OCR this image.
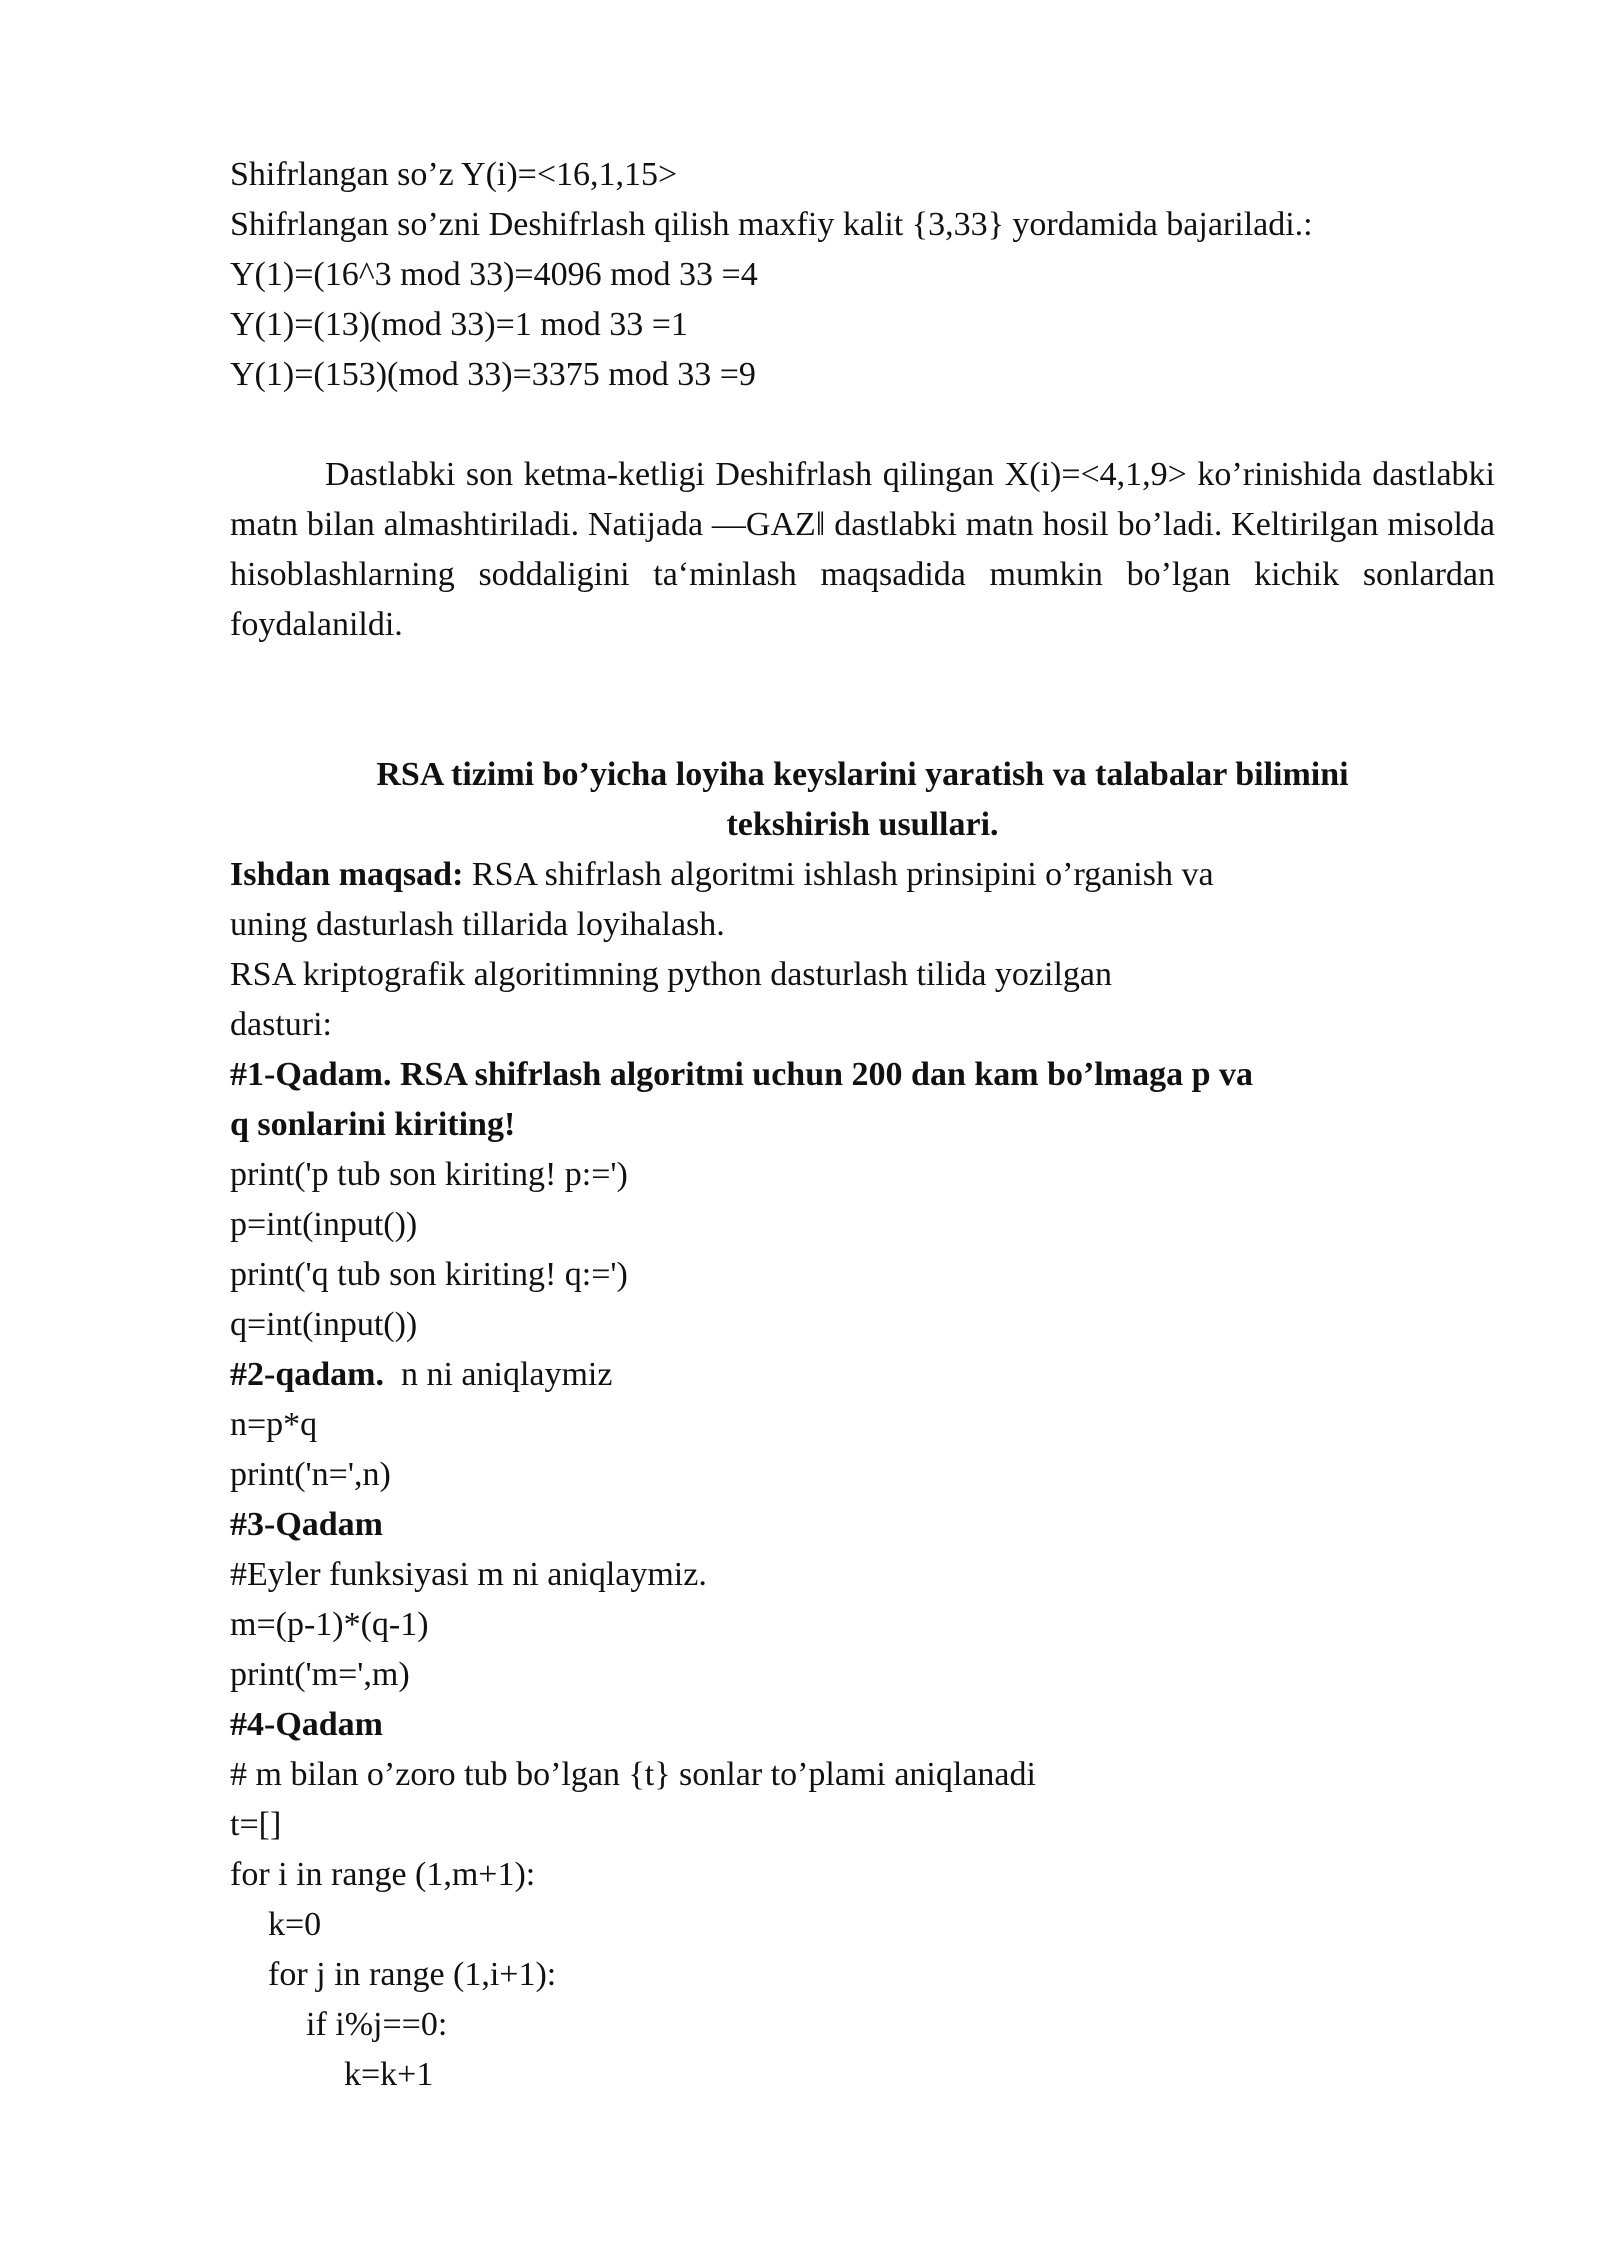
Shifrlangan so’z Y(i)=<16,1,15>
Shifrlangan so’zni Deshifrlash qilish maxfiy kalit {3,33} yordamida bajariladi.:
Y(1)=(16^3 mod 33)=4096 mod 33 =4
Y(1)=(13)(mod 33)=1 mod 33 =1
Y(1)=(153)(mod 33)=3375 mod 33 =9
Dastlabki son ketma-ketligi Deshifrlash qilingan X(i)=<4,1,9> ko’rinishida dastlabki matn bilan almashtiriladi. Natijada ―GAZ‖ dastlabki matn hosil bo’ladi. Keltirilgan misolda hisoblashlarning soddaligini ta‘minlash maqsadida mumkin bo’lgan kichik sonlardan foydalanildi.
RSA tizimi bo’yicha loyiha keyslarini yaratish va talabalar bilimini
tekshirish usullari.
Ishdan maqsad: RSA shifrlash algoritmi ishlash prinsipini o’rganish va
uning dasturlash tillarida loyihalash.
RSA kriptografik algoritimning python dasturlash tilida yozilgan
dasturi:
#1-Qadam. RSA shifrlash algoritmi uchun 200 dan kam bo’lmaga p va
q sonlarini kiriting!
print('p tub son kiriting! p:=')
p=int(input())
print('q tub son kiriting! q:=')
q=int(input())
#2-qadam.  n ni aniqlaymiz
n=p*q
print('n=',n)
#3-Qadam
#Eyler funksiyasi m ni aniqlaymiz.
m=(p-1)*(q-1)
print('m=',m)
#4-Qadam
# m bilan o’zoro tub bo’lgan {t} sonlar to’plami aniqlanadi
t=[]
for i in range (1,m+1):
k=0
for j in range (1,i+1):
if i%j==0:
k=k+1
